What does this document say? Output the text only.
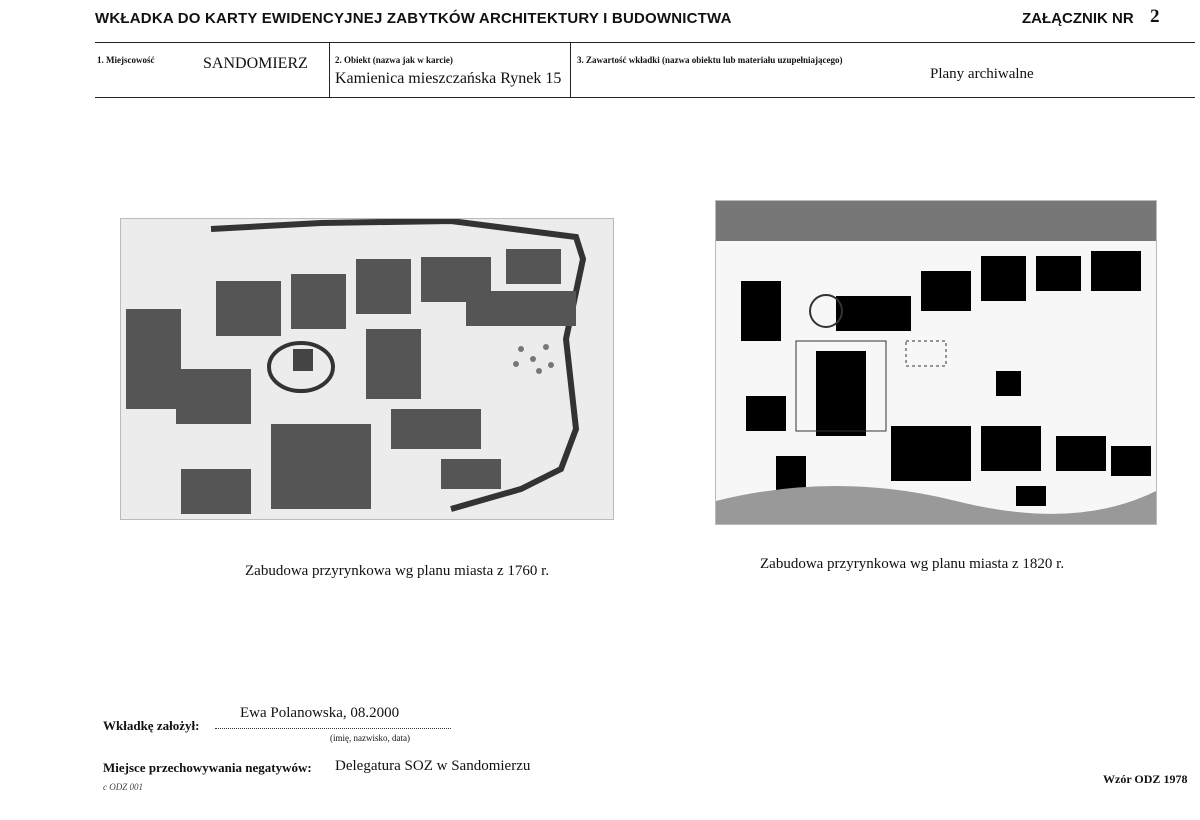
WKŁADKA DO KARTY EWIDENCYJNEJ ZABYTKÓW ARCHITEKTURY I BUDOWNICTWA	ZAŁĄCZNIK NR 2
1. Miejscowość	SANDOMIERZ	2. Obiekt (nazwa jak w karcie)
Kamienica mieszczańska Rynek 15
3. Zawartość wkładki (nazwa obiektu lub materiału uzupełniającego)
Plany archiwalne
Zabudowa przyrynkowa wg planu miasta z 1760 r.	Zabudowa przyrynkowa wg planu miasta z 1820 r.
Ewa Polanowska, 08.2000
Wkładkę założył:
(imię, nazwisko, data)
Miejsce przechowywania negatywów: Delegatura SOZ w Sandomierzu
c ODZ 001
Wzór ODZ 1978
